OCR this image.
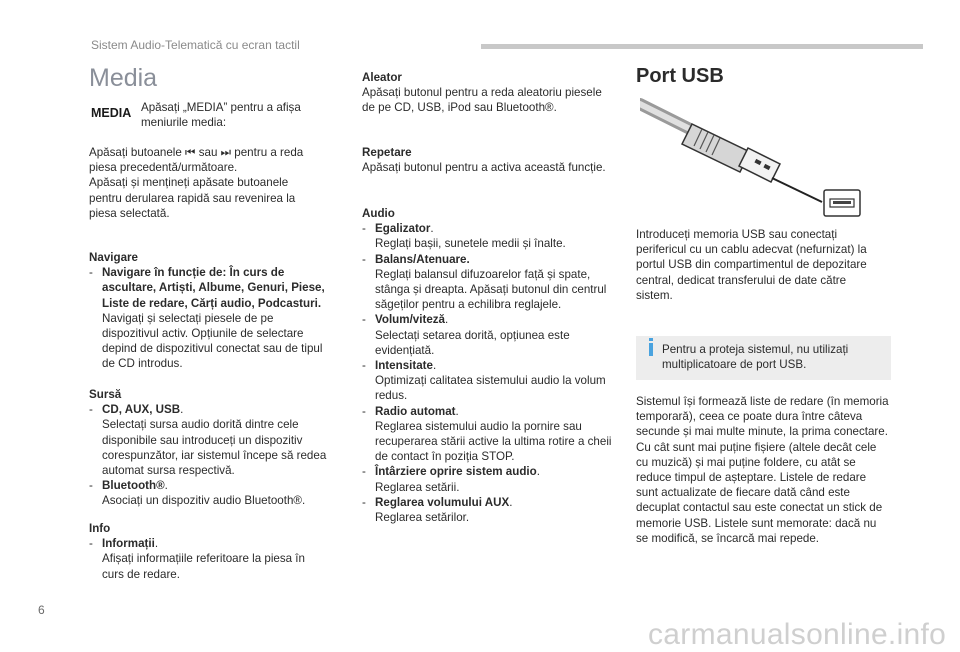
Sistem Audio-Telematică cu ecran tactil
Media
MEDIA Apăsați „MEDIA” pentru a afișa meniurile media:

Apăsați butoanele ⏮ sau ⏭ pentru a reda piesa precedentă/următoare.

Apăsați și mențineți apăsate butoanele pentru derularea rapidă sau revenirea la piesa selectată.

Navigare

- Navigare în funcție de: În curs de ascultare, Artiști, Albume, Genuri, Piese, Liste de redare, Cărți audio, Podcasturi.
Navigați și selectați piesele de pe dispozitivul activ. Opțiunile de selectare depind de dispozitivul conectat sau de tipul de CD introdus.

Sursă

- CD, AUX, USB.
Selectați sursa audio dorită dintre cele disponibile sau introduceți un dispozitiv corespunzător, iar sistemul începe să redea automat sursa respectivă.
- Bluetooth®.
Asociați un dispozitiv audio Bluetooth®.

Info

- Informații.
Afișați informațiile referitoare la piesa în curs de redare.

Aleator

Apăsați butonul pentru a reda aleatoriu piesele de pe CD, USB, iPod sau Bluetooth®.

Repetare

Apăsați butonul pentru a activa această funcție.

Audio

- Egalizator.
Reglați bașii, sunetele medii și înalte.
- Balans/Atenuare.
Reglați balansul difuzoarelor față și spate, stânga și dreapta. Apăsați butonul din centrul săgeților pentru a echilibra reglajele.
- Volum/viteză.
Selectați setarea dorită, opțiunea este evidențiată.
- Intensitate.
Optimizați calitatea sistemului audio la volum redus.
- Radio automat.
Reglarea sistemului audio la pornire sau recuperarea stării active la ultima rotire a cheii de contact în poziția STOP.
- Întârziere oprire sistem audio.
Reglarea setării.
- Reglarea volumului AUX.
Reglarea setărilor.
Port USB

Introduceți memoria USB sau conectați perifericul cu un cablu adecvat (nefurnizat) la portul USB din compartimentul de depozitare central, dedicat transferului de date către sistem.

Pentru a proteja sistemul, nu utilizați multiplicatoare de port USB.

Sistemul își formează liste de redare (în memoria temporară), ceea ce poate dura între câteva secunde și mai multe minute, la prima conectare. Cu cât sunt mai puține fișiere (altele decât cele cu muzică) și mai puține foldere, cu atât se reduce timpul de așteptare. Listele de redare sunt actualizate de fiecare dată când este decuplat contactul sau este conectat un stick de memorie USB. Listele sunt memorate: dacă nu se modifică, se încarcă mai repede.

6
carmanualsonline.info
